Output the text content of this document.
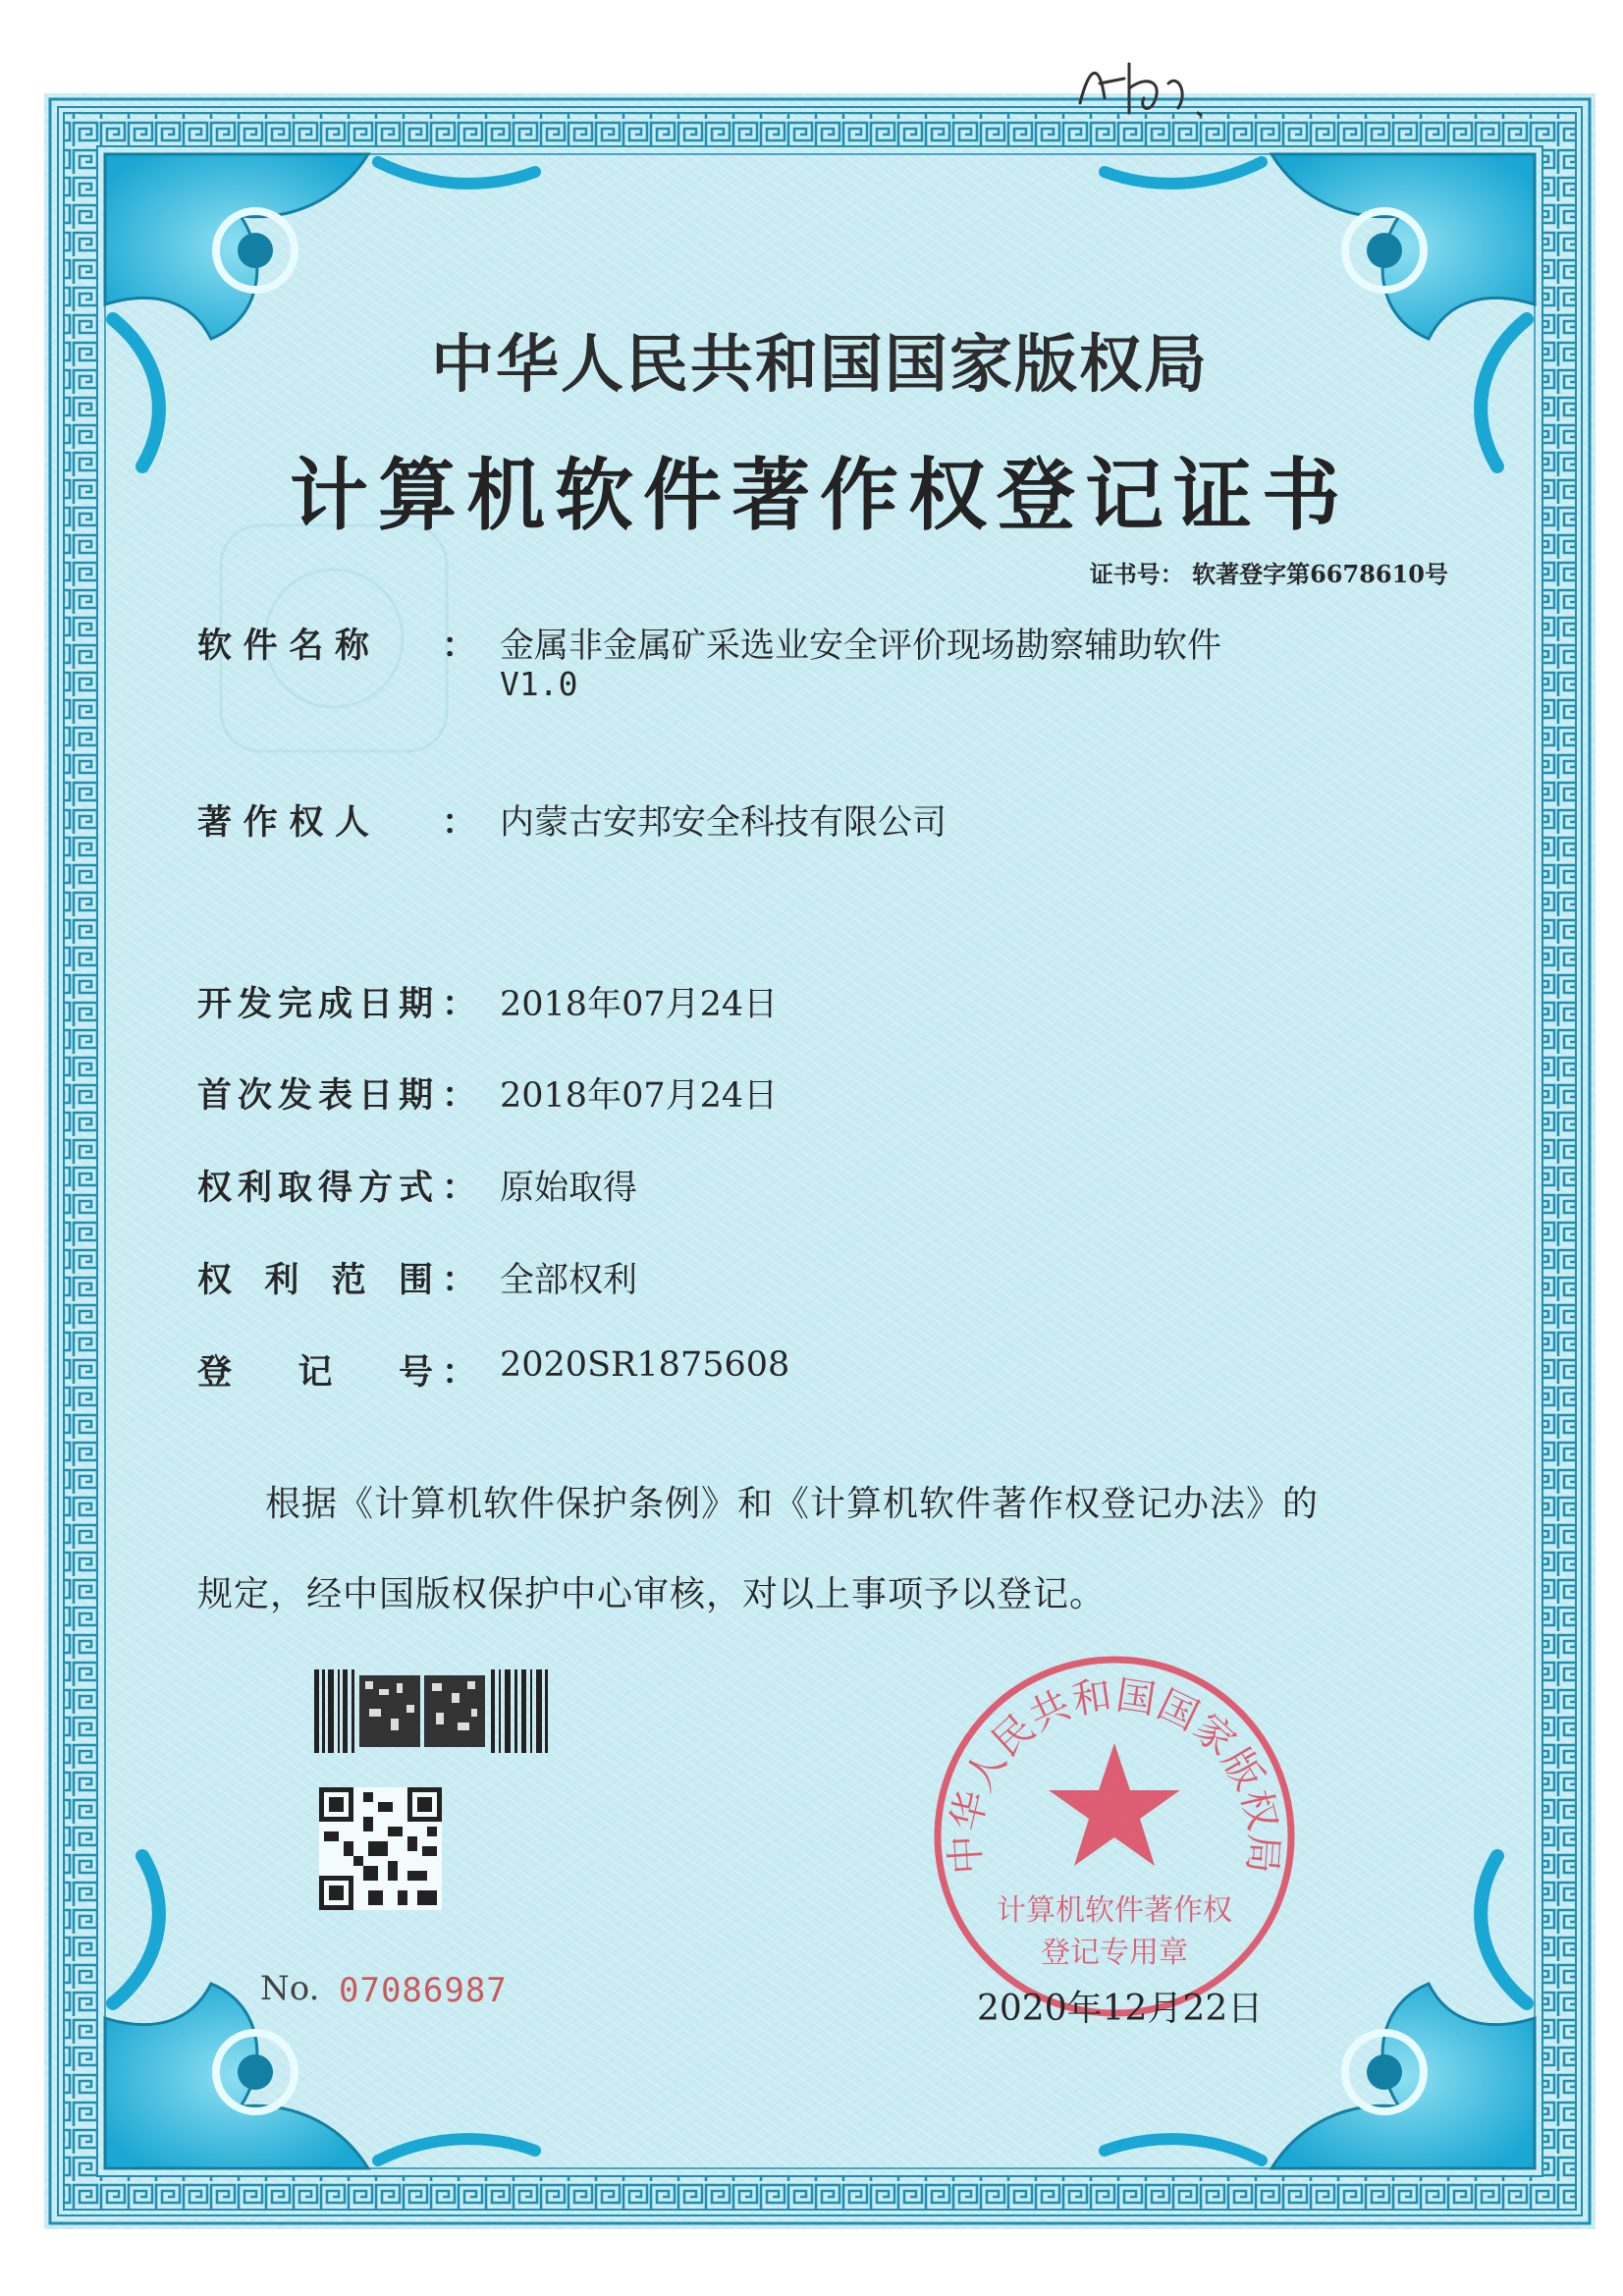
中华人民共和国国家版权局
计算机软件著作权登记证书
证书号： 软著登字第6678610号
软件名称 ： 金属非金属矿采选业安全评价现场勘察辅助软件
V1.0
著作权人 ： 内蒙古安邦安全科技有限公司
开发完成日期 ： 2018年07月24日
首次发表日期 ： 2018年07月24日
权利取得方式 ： 原始取得
权利范围 ： 全部权利
登记号 ： 2020SR1875608
根据《计算机软件保护条例》和《计算机软件著作权登记办法》的
规定，经中国版权保护中心审核，对以上事项予以登记。
No. 07086987
中华人民共和国国家版权局
计算机软件著作权
登记专用章
2020年12月22日
